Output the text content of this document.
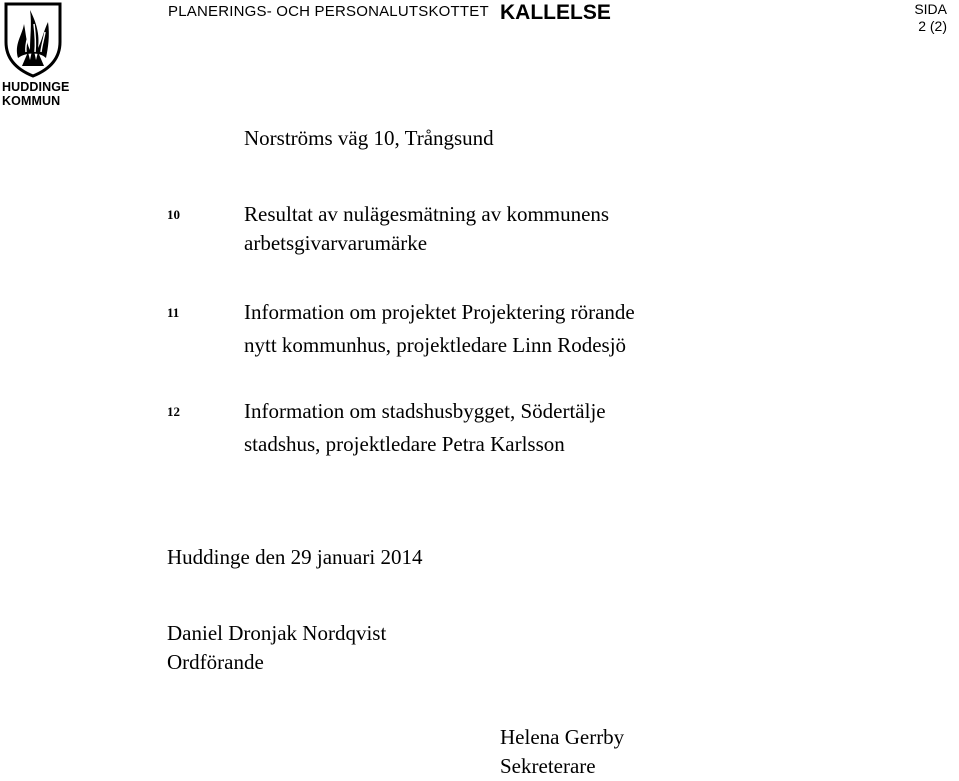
HUDDINGE
KOMMUN
PLANERINGS- OCH PERSONALUTSKOTTET KALLELSE	SIDA
2 (2)
Norströms väg 10, Trångsund
10	Resultat av nulägesmätning av kommunens
arbetsgivarvarumärke
11	Information om projektet Projektering rörande
nytt kommunhus, projektledare Linn Rodesjö
12	Information om stadshusbygget, Södertälje
stadshus, projektledare Petra Karlsson
Huddinge den 29 januari 2014
Daniel Dronjak Nordqvist
Ordförande
Helena Gerrby
Sekreterare
